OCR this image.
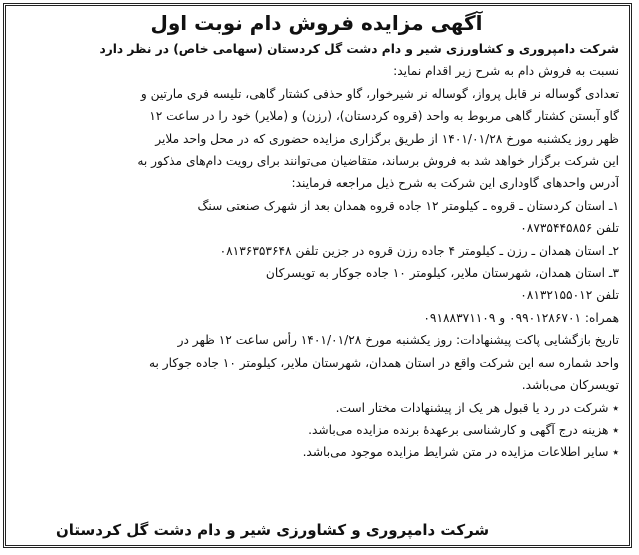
آگهی مزایده فروش دام نوبت اول
شرکت دامپروری و کشاورزی شیر و دام دشت گل کردستان (سهامی خاص) در نظر دارد
نسبت به فروش دام به شرح زیر اقدام نماید:
تعدادی گوساله نر قابل پرواز، گوساله نر شیرخوار، گاو حذفی کشتار گاهی، تلیسه فری مارتین و
گاو آبستن کشتار گاهی مربوط به واحد (قروه کردستان)، (رزن) و (ملایر) خود را در ساعت ۱۲
ظهر روز یکشنبه مورخ ۱۴۰۱/۰۱/۲۸ از طریق برگزاری مزایده حضوری که در محل واحد ملایر
این شرکت برگزار خواهد شد به فروش برساند، متقاضیان می‌توانند برای رویت دام‌های مذکور به
آدرس واحدهای گاوداری این شرکت به شرح ذیل مراجعه فرمایند:
۱ـ استان کردستان ـ قروه ـ کیلومتر ۱۲ جاده قروه همدان بعد از شهرک صنعتی سنگ
تلفن ۰۸۷۳۵۴۴۵۸۵۶
۲ـ استان همدان ـ رزن ـ کیلومتر ۴ جاده رزن قروه در جزین تلفن ۰۸۱۳۶۳۵۳۶۴۸
۳ـ استان همدان، شهرستان ملایر، کیلومتر ۱۰ جاده جوکار به تویسرکان
تلفن ۰۸۱۳۲۱۵۵۰۱۲
همراه: ۰۹۹۰۱۲۸۶۷۰۱ و ۰۹۱۸۸۳۷۱۱۰۹
تاریخ بازگشایی پاکت پیشنهادات: روز یکشنبه مورخ ۱۴۰۱/۰۱/۲۸ رأس ساعت ۱۲ ظهر در
واحد شماره سه این شرکت واقع در استان همدان، شهرستان ملایر، کیلومتر ۱۰ جاده جوکار به
تویسرکان می‌باشد.
٭ شرکت در رد یا قبول هر یک از پیشنهادات مختار است.
٭ هزینه درج آگهی و کارشناسی برعهدهٔ برنده مزایده می‌باشد.
٭ سایر اطلاعات مزایده در متن شرایط مزایده موجود می‌باشد.
شرکت دامپروری و کشاورزی شیر و دام دشت گل کردستان
